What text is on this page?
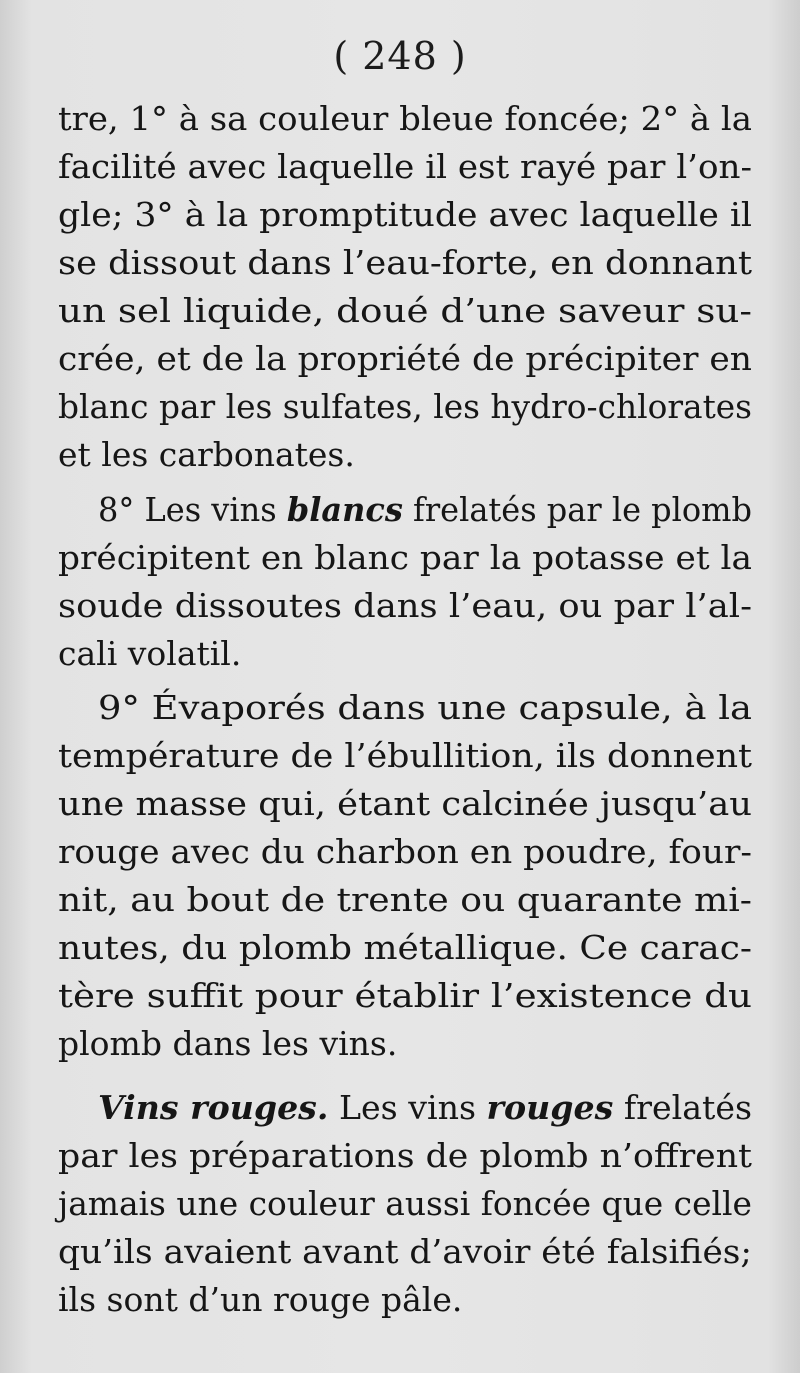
( 248 )
tre, 1° à sa couleur bleue foncée; 2° à la
facilité avec laquelle il est rayé par l’on-
gle; 3° à la promptitude avec laquelle il
se dissout dans l’eau-forte, en donnant
un sel liquide, doué d’une saveur su-
crée, et de la propriété de précipiter en
blanc par les sulfates, les hydro-chlorates
et les carbonates.
8° Les vins blancs frelatés par le plomb
précipitent en blanc par la potasse et la
soude dissoutes dans l’eau, ou par l’al-
cali volatil.
9° Évaporés dans une capsule, à la
température de l’ébullition, ils donnent
une masse qui, étant calcinée jusqu’au
rouge avec du charbon en poudre, four-
nit, au bout de trente ou quarante mi-
nutes, du plomb métallique. Ce carac-
tère suffit pour établir l’existence du
plomb dans les vins.
Vins rouges. Les vins rouges frelatés
par les préparations de plomb n’offrent
jamais une couleur aussi foncée que celle
qu’ils avaient avant d’avoir été falsifiés;
ils sont d’un rouge pâle.
